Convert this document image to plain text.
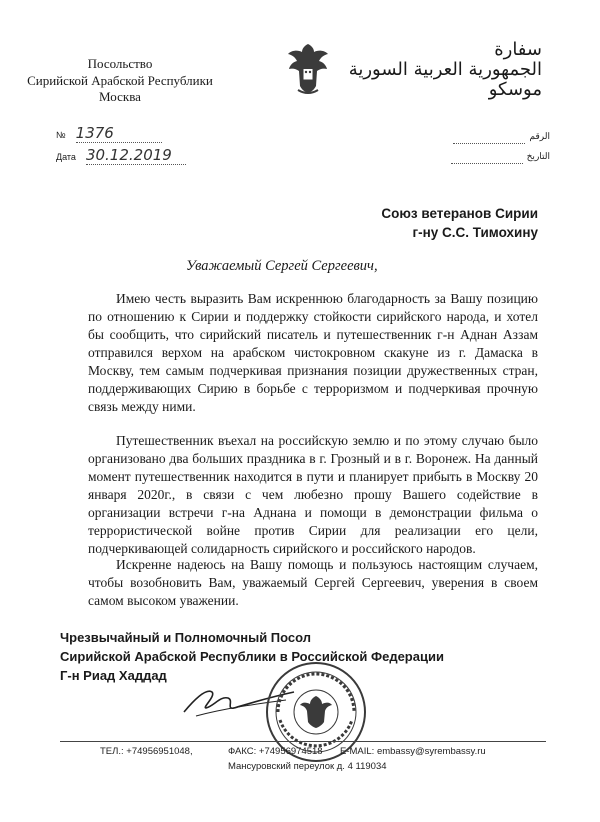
Посольство
Сирийской Арабской Республики
Москва
سفارة
الجمهورية العربية السورية
موسكو
№ 1376
Дата 30.12.2019
الرقم
التاريخ
Союз ветеранов Сирии
г-ну С.С. Тимохину
Уважаемый Сергей Сергеевич,
Имею честь выразить Вам искреннюю благодарность за Вашу позицию по отношению к Сирии и поддержку стойкости сирийского народа, и хотел бы сообщить, что сирийский писатель и путешественник г-н Аднан Аззам отправился верхом на арабском чистокровном скакуне из г. Дамаска в Москву, тем самым подчеркивая признания позиции дружественных стран, поддерживающих Сирию в борьбе с терроризмом и подчеркивая прочную связь между ними.
Путешественник въехал на российскую землю и по этому случаю было организовано два больших праздника в г. Грозный и в г. Воронеж. На данный момент путешественник находится в пути и планирует прибыть в Москву 20 января 2020г., в связи с чем любезно прошу Вашего содействие в организации встречи г-на Аднана и помощи в демонстрации фильма о террористической войне против Сирии для реализации его цели, подчеркивающей солидарность сирийского и российского народов.
Искренне надеюсь на Вашу помощь и пользуюсь настоящим случаем, чтобы возобновить Вам, уважаемый Сергей Сергеевич, уверения в своем самом высоком уважении.
Чрезвычайный и Полномочный Посол
Сирийской Арабской Республики в Российской Федерации
Г-н Риад Хаддад
ТЕЛ.: +74956951048,	ФАКС: +74956974518 E-MAIL: embassy@syrembassy.ru
Мансуровский переулок д. 4 119034
